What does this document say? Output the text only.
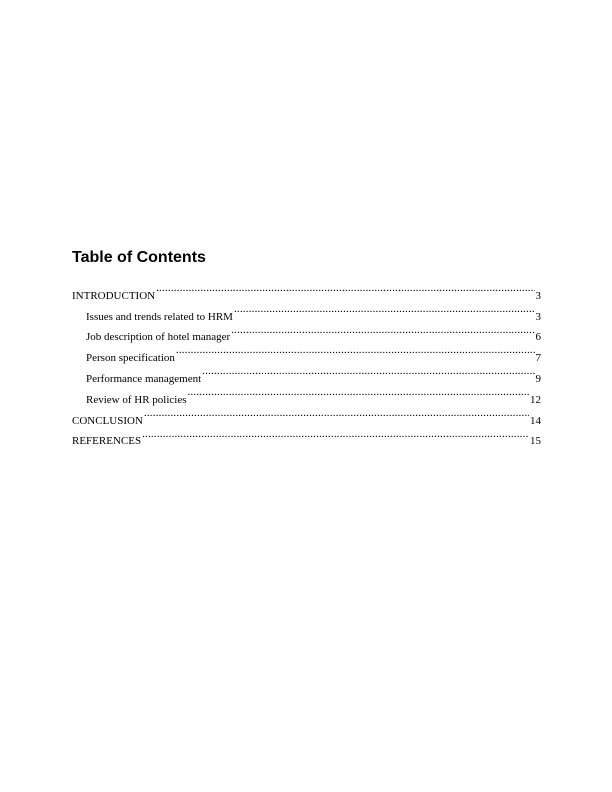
Table of Contents
INTRODUCTION .....	3
Issues and trends related to HRM .....	3
Job description of hotel manager .....	6
Person specification .....	7
Performance management .....	9
Review of HR policies .....	12
CONCLUSION .....	14
REFERENCES .....	15
